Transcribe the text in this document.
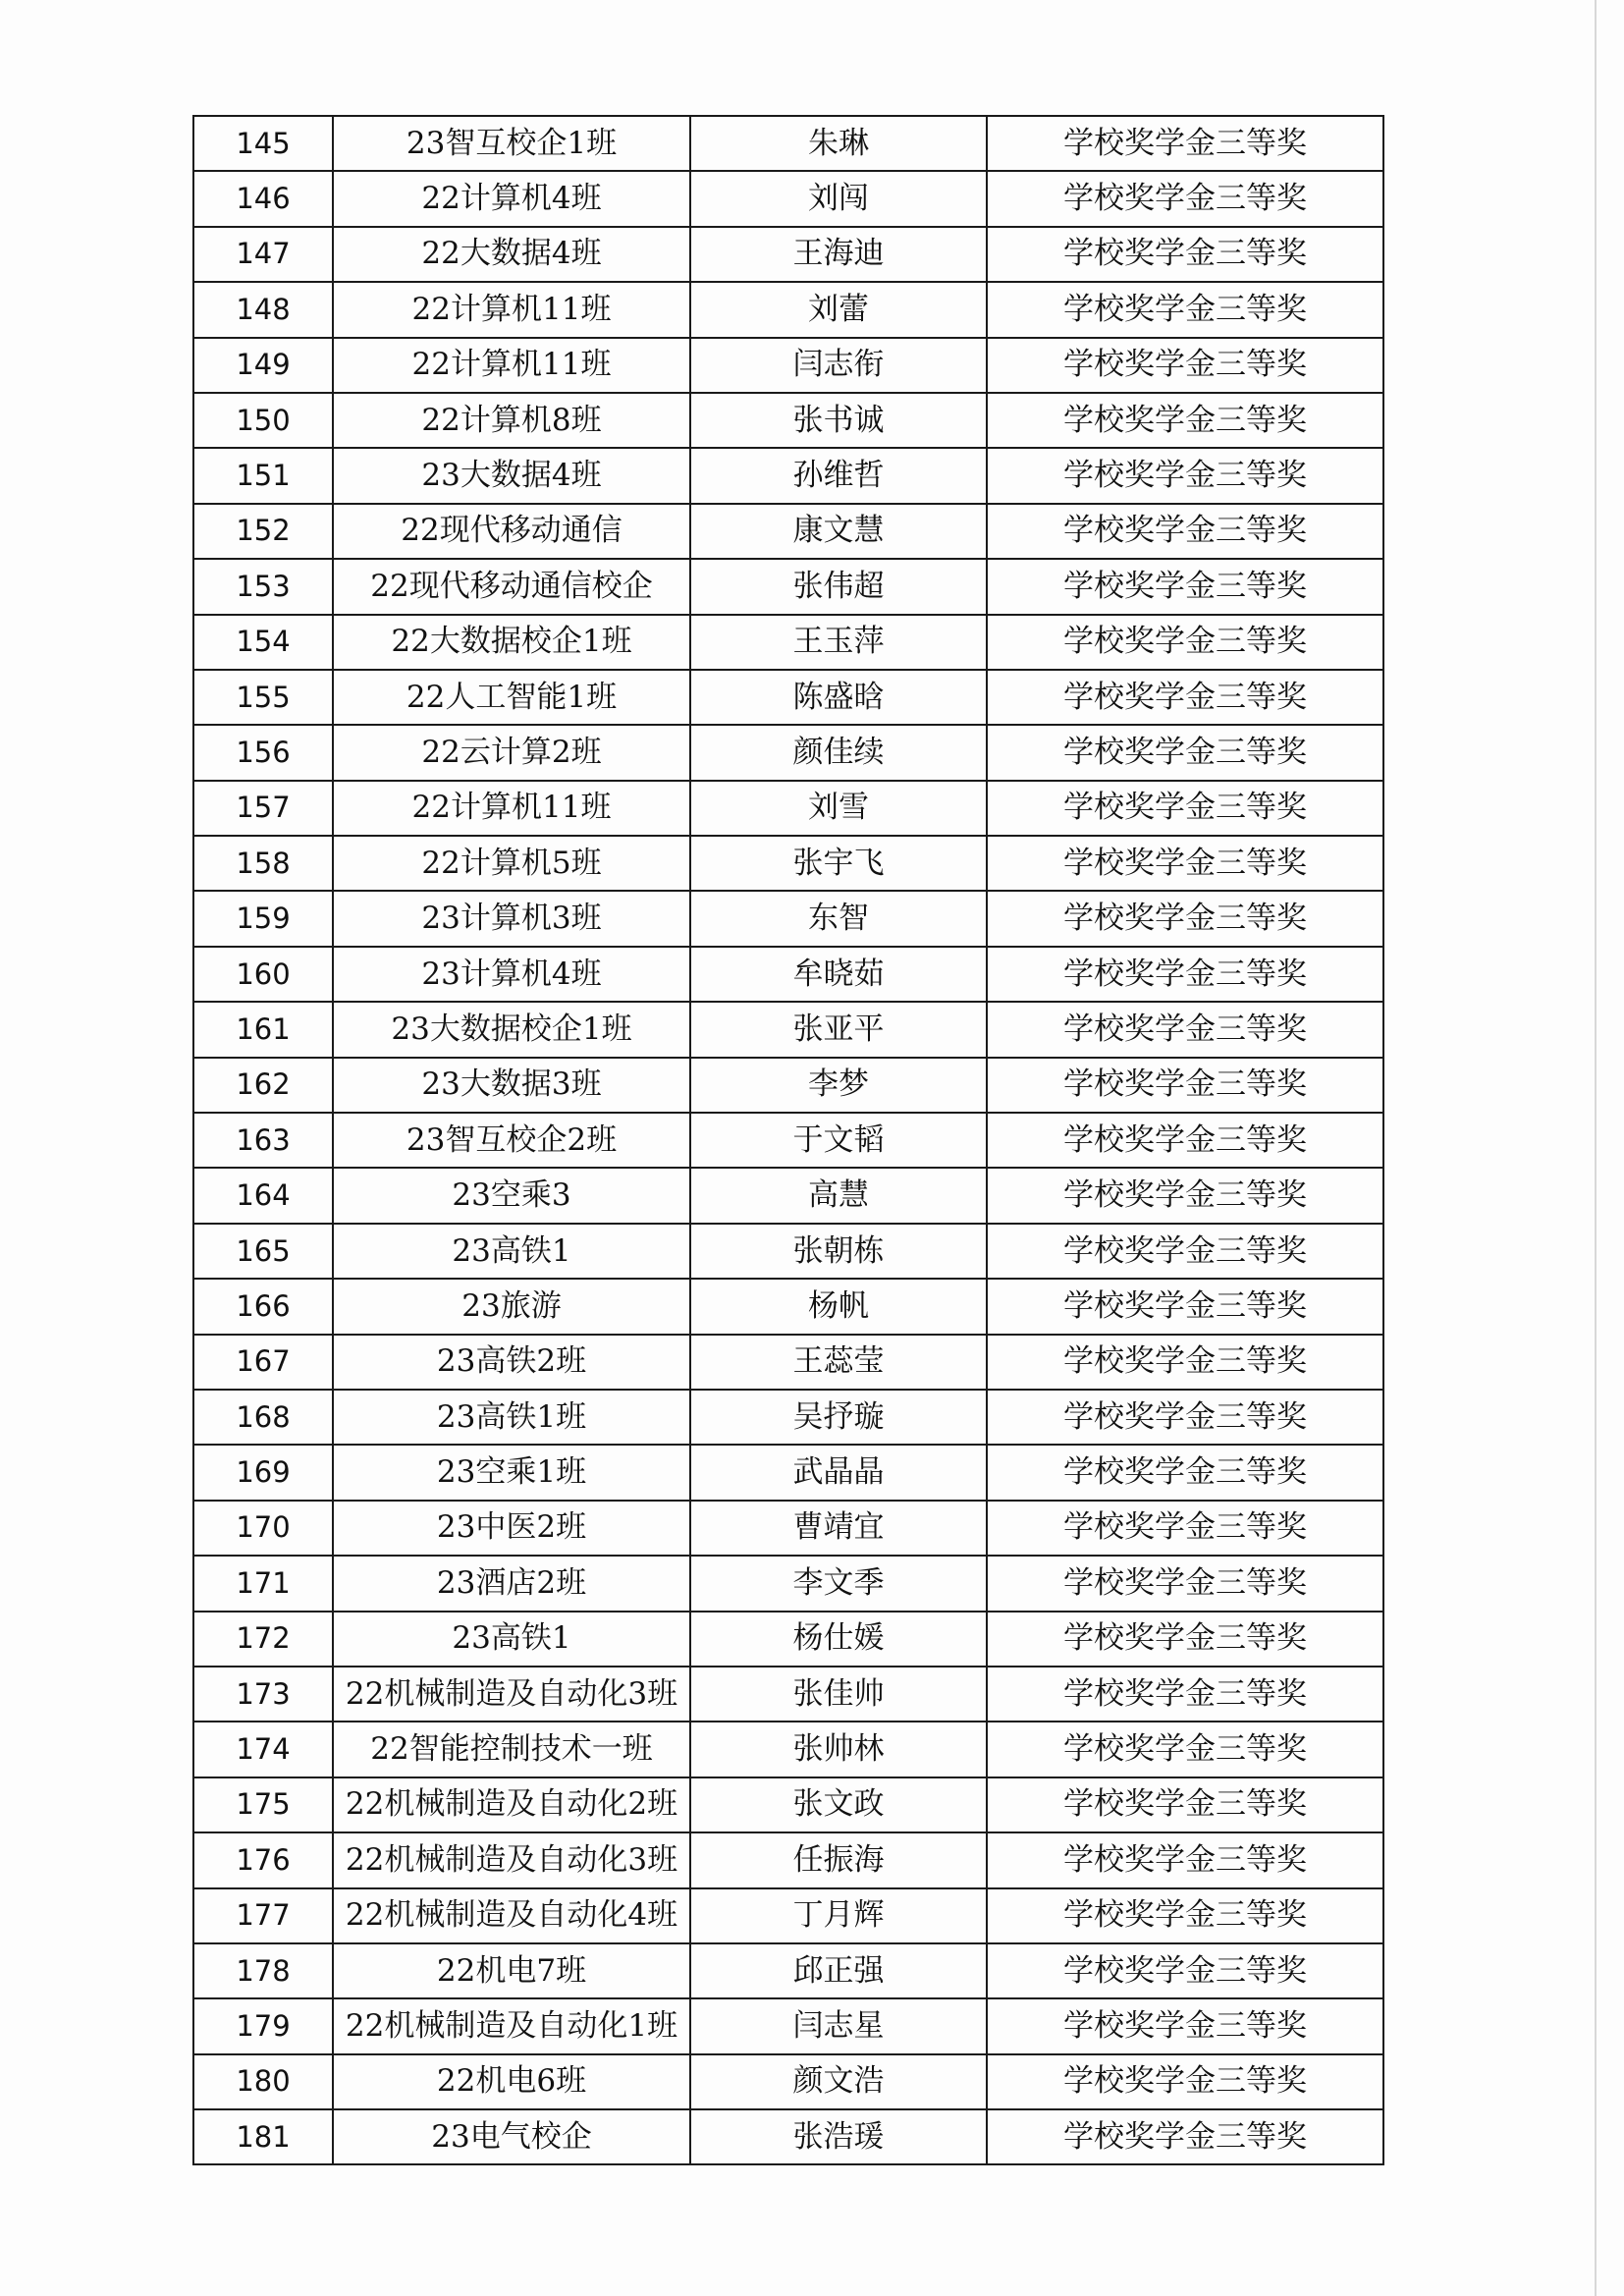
145	23智互校企1班	朱琳	学校奖学金三等奖
146	22计算机4班	刘闯	学校奖学金三等奖
147	22大数据4班	王海迪	学校奖学金三等奖
148	22计算机11班	刘蕾	学校奖学金三等奖
149	22计算机11班	闫志衔	学校奖学金三等奖
150	22计算机8班	张书诚	学校奖学金三等奖
151	23大数据4班	孙维哲	学校奖学金三等奖
152	22现代移动通信	康文慧	学校奖学金三等奖
153	22现代移动通信校企	张伟超	学校奖学金三等奖
154	22大数据校企1班	王玉萍	学校奖学金三等奖
155	22人工智能1班	陈盛晗	学校奖学金三等奖
156	22云计算2班	颜佳续	学校奖学金三等奖
157	22计算机11班	刘雪	学校奖学金三等奖
158	22计算机5班	张宇飞	学校奖学金三等奖
159	23计算机3班	东智	学校奖学金三等奖
160	23计算机4班	牟晓茹	学校奖学金三等奖
161	23大数据校企1班	张亚平	学校奖学金三等奖
162	23大数据3班	李梦	学校奖学金三等奖
163	23智互校企2班	于文韬	学校奖学金三等奖
164	23空乘3	高慧	学校奖学金三等奖
165	23高铁1	张朝栋	学校奖学金三等奖
166	23旅游	杨帆	学校奖学金三等奖
167	23高铁2班	王蕊莹	学校奖学金三等奖
168	23高铁1班	吴抒璇	学校奖学金三等奖
169	23空乘1班	武晶晶	学校奖学金三等奖
170	23中医2班	曹靖宜	学校奖学金三等奖
171	23酒店2班	李文季	学校奖学金三等奖
172	23高铁1	杨仕媛	学校奖学金三等奖
173	22机械制造及自动化3班	张佳帅	学校奖学金三等奖
174	22智能控制技术一班	张帅林	学校奖学金三等奖
175	22机械制造及自动化2班	张文政	学校奖学金三等奖
176	22机械制造及自动化3班	任振海	学校奖学金三等奖
177	22机械制造及自动化4班	丁月辉	学校奖学金三等奖
178	22机电7班	邱正强	学校奖学金三等奖
179	22机械制造及自动化1班	闫志星	学校奖学金三等奖
180	22机电6班	颜文浩	学校奖学金三等奖
181	23电气校企	张浩瑗	学校奖学金三等奖
